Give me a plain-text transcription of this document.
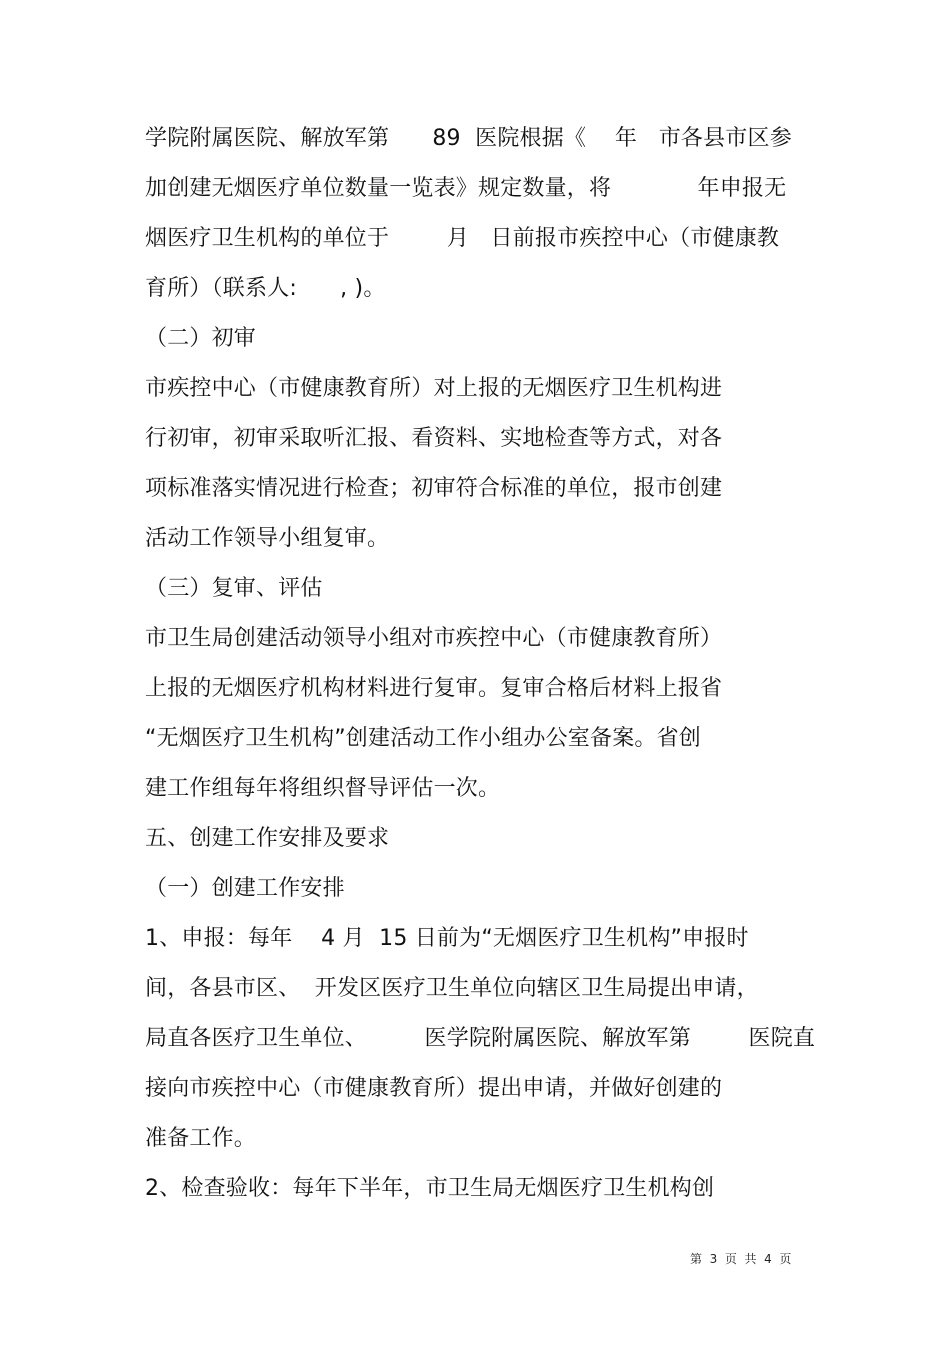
学院附属医院、解放军第      89  医院根据《    年   市各县市区参
加创建无烟医疗单位数量一览表》规定数量，将            年申报无
烟医疗卫生机构的单位于        月   日前报市疾控中心（市健康教
育所）（联系人:      , )。
（二）初审
市疾控中心（市健康教育所）对上报的无烟医疗卫生机构进
行初审，初审采取听汇报、看资料、实地检查等方式，对各
项标准落实情况进行检查；初审符合标准的单位，报市创建
活动工作领导小组复审。
（三）复审、评估
市卫生局创建活动领导小组对市疾控中心（市健康教育所）
上报的无烟医疗机构材料进行复审。复审合格后材料上报省
“无烟医疗卫生机构”创建活动工作小组办公室备案。省创
建工作组每年将组织督导评估一次。
五、创建工作安排及要求
（一）创建工作安排
1、申报：每年    4 月  15 日前为“无烟医疗卫生机构”申报时
间，各县市区、  开发区医疗卫生单位向辖区卫生局提出申请，
局直各医疗卫生单位、        医学院附属医院、解放军第        医院直
接向市疾控中心（市健康教育所）提出申请，并做好创建的
准备工作。
2、检查验收：每年下半年，市卫生局无烟医疗卫生机构创
第  3  页  共  4  页
